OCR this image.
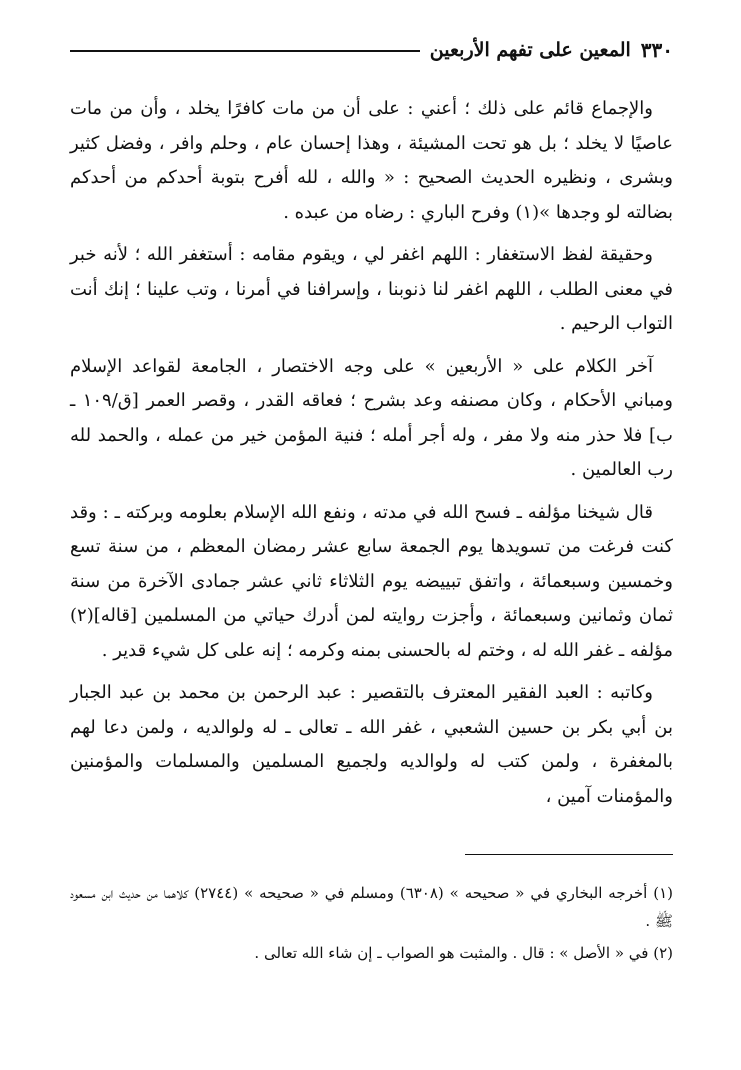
٣٣٠
المعين على تفهم الأربعين

والإجماع قائم على ذلك ؛ أعني : على أن من مات كافرًا يخلد ، وأن من مات عاصيًا لا يخلد ؛ بل هو تحت المشيئة ، وهذا إحسان عام ، وحلم وافر ، وفضل كثير وبشرى ، ونظيره الحديث الصحيح : « والله ، لله أفرح بتوبة أحدكم من أحدكم بضالته لو وجدها »(١) وفرح الباري : رضاه من عبده .

وحقيقة لفظ الاستغفار : اللهم اغفر لي ، ويقوم مقامه : أستغفر الله ؛ لأنه خبر في معنى الطلب ، اللهم اغفر لنا ذنوبنا ، وإسرافنا في أمرنا ، وتب علينا ؛ إنك أنت التواب الرحيم .

آخر الكلام على « الأربعين » على وجه الاختصار ، الجامعة لقواعد الإسلام ومباني الأحكام ، وكان مصنفه وعد بشرح ؛ فعاقه القدر ، وقصر العمر [ق/١٠٩ ـ ب] فلا حذر منه ولا مفر ، وله أجر أمله ؛ فنية المؤمن خير من عمله ، والحمد لله رب العالمين .

قال شيخنا مؤلفه ـ فسح الله في مدته ، ونفع الله الإسلام بعلومه وبركته ـ : وقد كنت فرغت من تسويدها يوم الجمعة سابع عشر رمضان المعظم ، من سنة تسع وخمسين وسبعمائة ، واتفق تبييضه يوم الثلاثاء ثاني عشر جمادى الآخرة من سنة ثمان وثمانين وسبعمائة ، وأجزت روايته لمن أدرك حياتي من المسلمين [قاله](٢) مؤلفه ـ غفر الله له ، وختم له بالحسنى بمنه وكرمه ؛ إنه على كل شيء قدير .

وكاتبه : العبد الفقير المعترف بالتقصير : عبد الرحمن بن محمد بن عبد الجبار بن أبي بكر بن حسين الشعبي ، غفر الله ـ تعالى ـ له ولوالديه ، ولمن دعا لهم بالمغفرة ، ولمن كتب له ولوالديه ولجميع المسلمين والمسلمات والمؤمنين والمؤمنات آمين ،

(١) أخرجه البخاري في « صحيحه » (٦٣٠٨) ومسلم في « صحيحه » (٢٧٤٤) كلاهما من حديث ابن مسعود ﷺ .

(٢) في « الأصل » : قال . والمثبت هو الصواب ـ إن شاء الله تعالى .
